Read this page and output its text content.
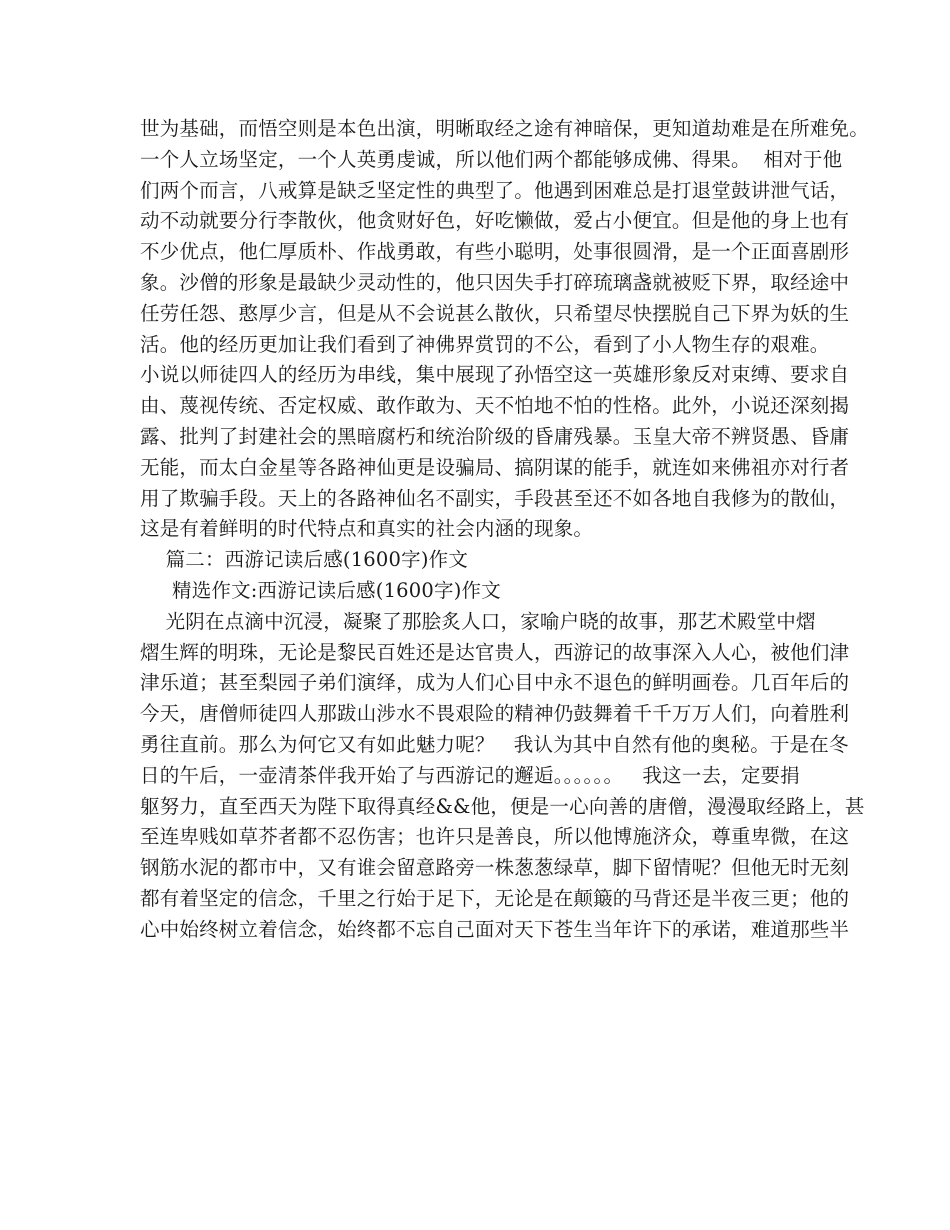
世为基础，而悟空则是本色出演，明晰取经之途有神暗保，更知道劫难是在所难免。
一个人立场坚定，一个人英勇虔诚，所以他们两个都能够成佛、得果。  相对于他
们两个而言，八戒算是缺乏坚定性的典型了。他遇到困难总是打退堂鼓讲泄气话，
动不动就要分行李散伙，他贪财好色，好吃懒做，爱占小便宜。但是他的身上也有
不少优点，他仁厚质朴、作战勇敢，有些小聪明，处事很圆滑，是一个正面喜剧形
象。沙僧的形象是最缺少灵动性的，他只因失手打碎琉璃盏就被贬下界，取经途中
任劳任怨、憨厚少言，但是从不会说甚么散伙，只希望尽快摆脱自己下界为妖的生
活。他的经历更加让我们看到了神佛界赏罚的不公，看到了小人物生存的艰难。
小说以师徒四人的经历为串线，集中展现了孙悟空这一英雄形象反对束缚、要求自
由、蔑视传统、否定权威、敢作敢为、天不怕地不怕的性格。此外，小说还深刻揭
露、批判了封建社会的黑暗腐朽和统治阶级的昏庸残暴。玉皇大帝不辨贤愚、昏庸
无能，而太白金星等各路神仙更是设骗局、搞阴谋的能手，就连如来佛祖亦对行者
用了欺骗手段。天上的各路神仙名不副实，手段甚至还不如各地自我修为的散仙，
这是有着鲜明的时代特点和真实的社会内涵的现象。
篇二：西游记读后感(1600字)作文
精选作文:西游记读后感(1600字)作文
光阴在点滴中沉浸，凝聚了那脍炙人口，家喻户晓的故事，那艺术殿堂中熠
熠生辉的明珠，无论是黎民百姓还是达官贵人，西游记的故事深入人心，被他们津
津乐道；甚至梨园子弟们演绎，成为人们心目中永不退色的鲜明画卷。几百年后的
今天，唐僧师徒四人那跋山涉水不畏艰险的精神仍鼓舞着千千万万人们，向着胜利
勇往直前。那么为何它又有如此魅力呢？   我认为其中自然有他的奥秘。于是在冬
日的午后，一壶清茶伴我开始了与西游记的邂逅。。。。。。   我这一去，定要捐
躯努力，直至西天为陛下取得真经&&他，便是一心向善的唐僧，漫漫取经路上，甚
至连卑贱如草芥者都不忍伤害；也许只是善良，所以他博施济众，尊重卑微，在这
钢筋水泥的都市中，又有谁会留意路旁一株葱葱绿草，脚下留情呢？但他无时无刻
都有着坚定的信念，千里之行始于足下，无论是在颠簸的马背还是半夜三更；他的
心中始终树立着信念，始终都不忘自己面对天下苍生当年许下的承诺，难道那些半
